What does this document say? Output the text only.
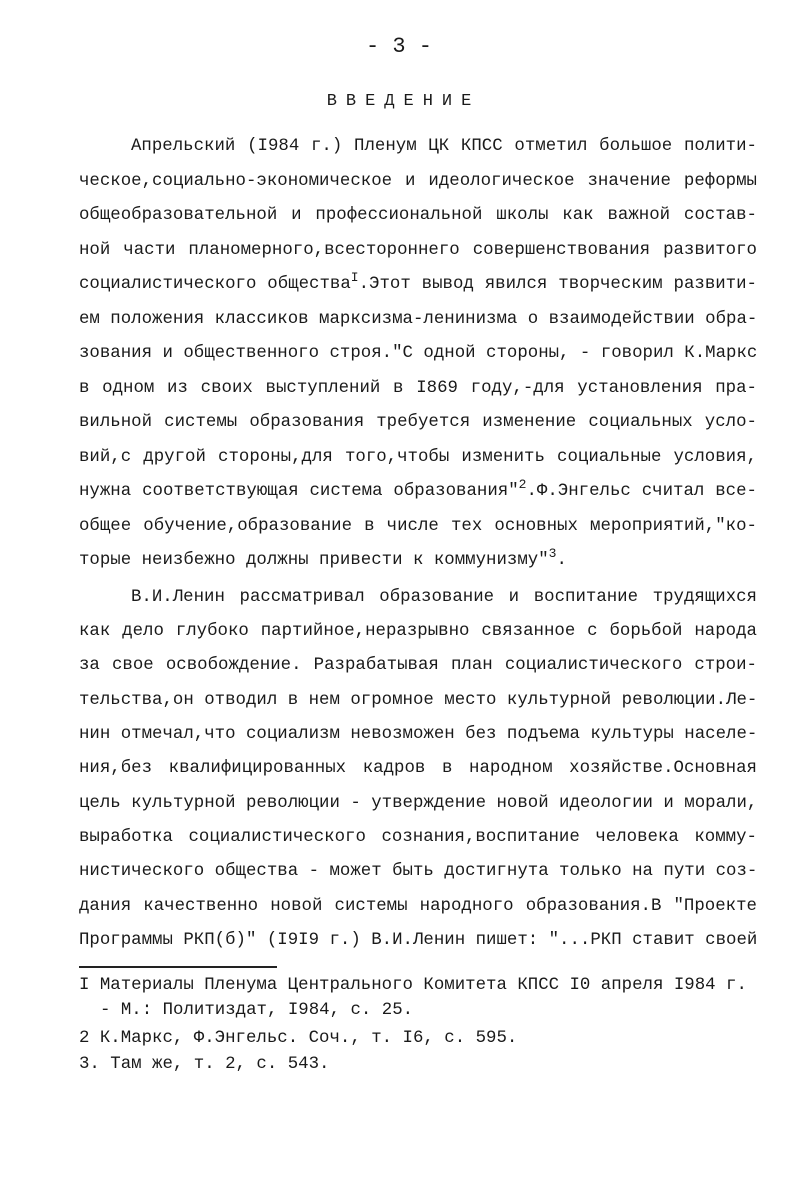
- 3 -
ВВЕДЕНИЕ
Апрельский (I984 г.) Пленум ЦК КПСС отметил большое полити-
ческое,социально-экономическое и идеологическое значение реформы
общеобразовательной и профессиональной школы как важной состав-
ной части планомерного,всестороннего совершенствования развитого
социалистического общества$^I$.Этот вывод явился творческим развити-
ем положения классиков марксизма-ленинизма о взаимодействии обра-
зования и общественного строя."С одной стороны, - говорил К.Маркс
в одном из своих выступлений в I869 году,-для установления пра-
вильной системы образования требуется изменение социальных усло-
вий,с другой стороны,для того,чтобы изменить социальные условия,
нужна соответствующая система образования"$^2$.Ф.Энгельс считал все-
общее обучение,образование в числе тех основных мероприятий,"ко-
торые неизбежно должны привести к коммунизму"$^3$.
В.И.Ленин рассматривал образование и воспитание трудящихся
как дело глубоко партийное,неразрывно связанное с борьбой народа
за свое освобождение. Разрабатывая план социалистического строи-
тельства,он отводил в нем огромное место культурной революции.Ле-
нин отмечал,что социализм невозможен без подъема культуры населе-
ния,без квалифицированных кадров в народном хозяйстве.Основная
цель культурной революции - утверждение новой идеологии и морали,
выработка социалистического сознания,воспитание человека комму-
нистического общества - может быть достигнута только на пути соз-
дания качественно новой системы народного образования.В "Проекте
Программы РКП(б)" (I9I9 г.) В.И.Ленин пишет: "...РКП ставит своей
I Материалы Пленума Центрального Комитета КПСС I0 апреля I984 г.
- М.: Политиздат, I984, с. 25.
2 К.Маркс, Ф.Энгельс. Соч., т. I6, с. 595.
3. Там же, т. 2, с. 543.
